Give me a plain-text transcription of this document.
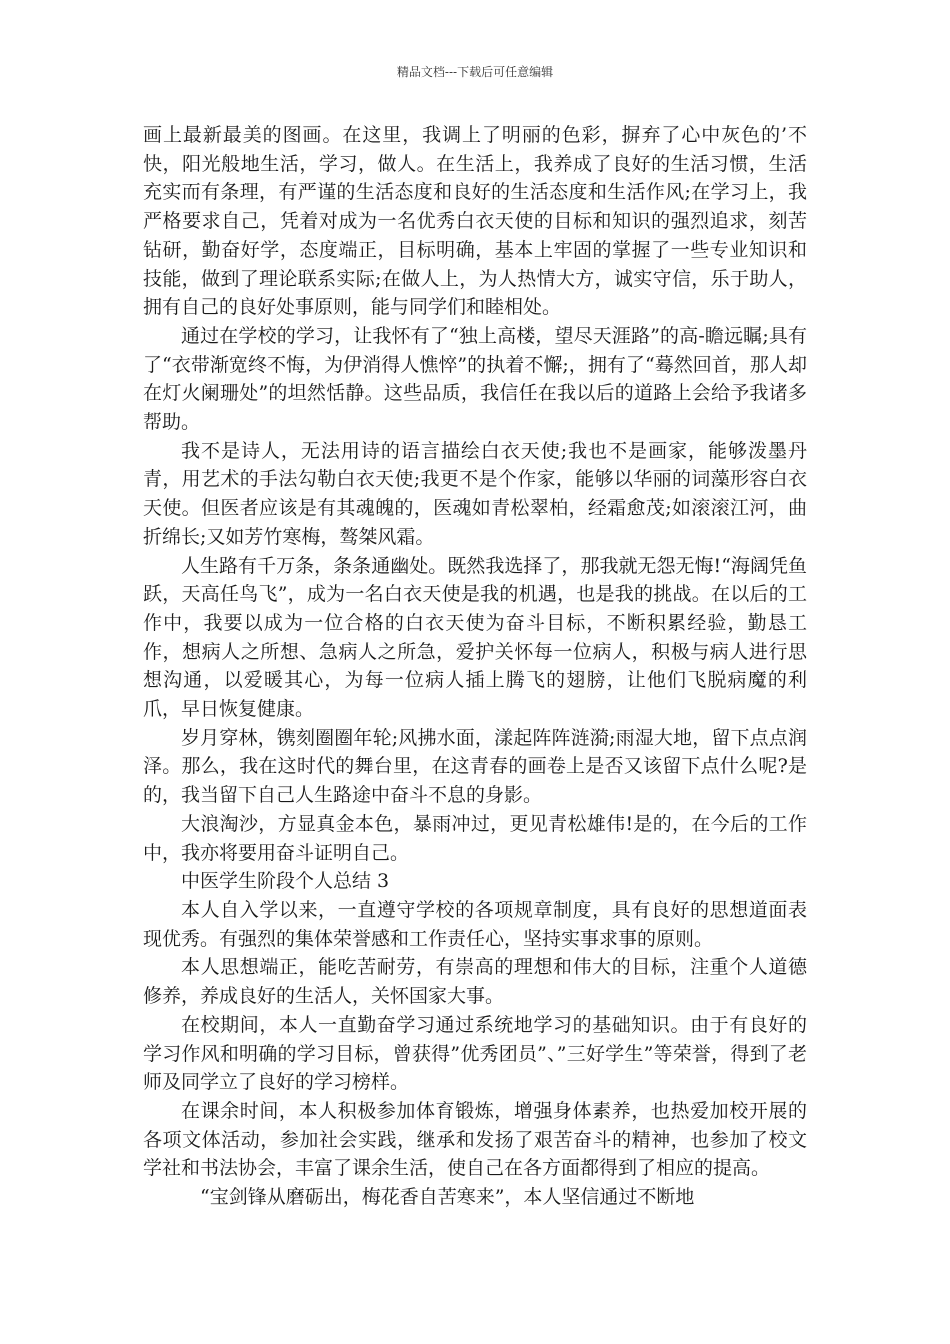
精品文档---下载后可任意编辑

画上最新最美的图画。在这里，我调上了明丽的色彩，摒弃了心中灰色的’不快，阳光般地生活，学习，做人。在生活上，我养成了良好的生活习惯，生活充实而有条理，有严谨的生活态度和良好的生活态度和生活作风;在学习上，我严格要求自己，凭着对成为一名优秀白衣天使的目标和知识的强烈追求，刻苦钻研，勤奋好学，态度端正，目标明确，基本上牢固的掌握了一些专业知识和技能，做到了理论联系实际;在做人上，为人热情大方，诚实守信，乐于助人，拥有自己的良好处事原则，能与同学们和睦相处。

通过在学校的学习，让我怀有了“独上高楼，望尽天涯路”的高-瞻远瞩;具有了“衣带渐宽终不悔，为伊消得人憔悴”的执着不懈;，拥有了“蓦然回首，那人却在灯火阑珊处”的坦然恬静。这些品质，我信任在我以后的道路上会给予我诸多帮助。

我不是诗人，无法用诗的语言描绘白衣天使;我也不是画家，能够泼墨丹青，用艺术的手法勾勒白衣天使;我更不是个作家，能够以华丽的词藻形容白衣天使。但医者应该是有其魂魄的，医魂如青松翠柏，经霜愈茂;如滚滚江河，曲折绵长;又如芳竹寒梅，骜桀风霜。

人生路有千万条，条条通幽处。既然我选择了，那我就无怨无悔!“海阔凭鱼跃，天高任鸟飞”，成为一名白衣天使是我的机遇，也是我的挑战。在以后的工作中，我要以成为一位合格的白衣天使为奋斗目标，不断积累经验，勤恳工作，想病人之所想、急病人之所急，爱护关怀每一位病人，积极与病人进行思想沟通，以爱暖其心，为每一位病人插上腾飞的翅膀，让他们飞脱病魔的利爪，早日恢复健康。

岁月穿林，镌刻圈圈年轮;风拂水面，漾起阵阵涟漪;雨湿大地，留下点点润泽。那么，我在这时代的舞台里，在这青春的画卷上是否又该留下点什么呢?是的，我当留下自己人生路途中奋斗不息的身影。

大浪淘沙，方显真金本色，暴雨冲过，更见青松雄伟!是的，在今后的工作中，我亦将要用奋斗证明自己。

中医学生阶段个人总结 3

本人自入学以来，一直遵守学校的各项规章制度，具有良好的思想道面表现优秀。有强烈的集体荣誉感和工作责任心，坚持实事求事的原则。

本人思想端正，能吃苦耐劳，有崇高的理想和伟大的目标，注重个人道德修养，养成良好的生活人，关怀国家大事。

在校期间，本人一直勤奋学习通过系统地学习的基础知识。由于有良好的学习作风和明确的学习目标，曾获得”优秀团员”、”三好学生”等荣誉，得到了老师及同学立了良好的学习榜样。

在课余时间，本人积极参加体育锻炼，增强身体素养，也热爱加校开展的各项文体活动，参加社会实践，继承和发扬了艰苦奋斗的精神，也参加了校文学社和书法协会，丰富了课余生活，使自己在各方面都得到了相应的提高。

“宝剑锋从磨砺出，梅花香自苦寒来”，本人坚信通过不断地
